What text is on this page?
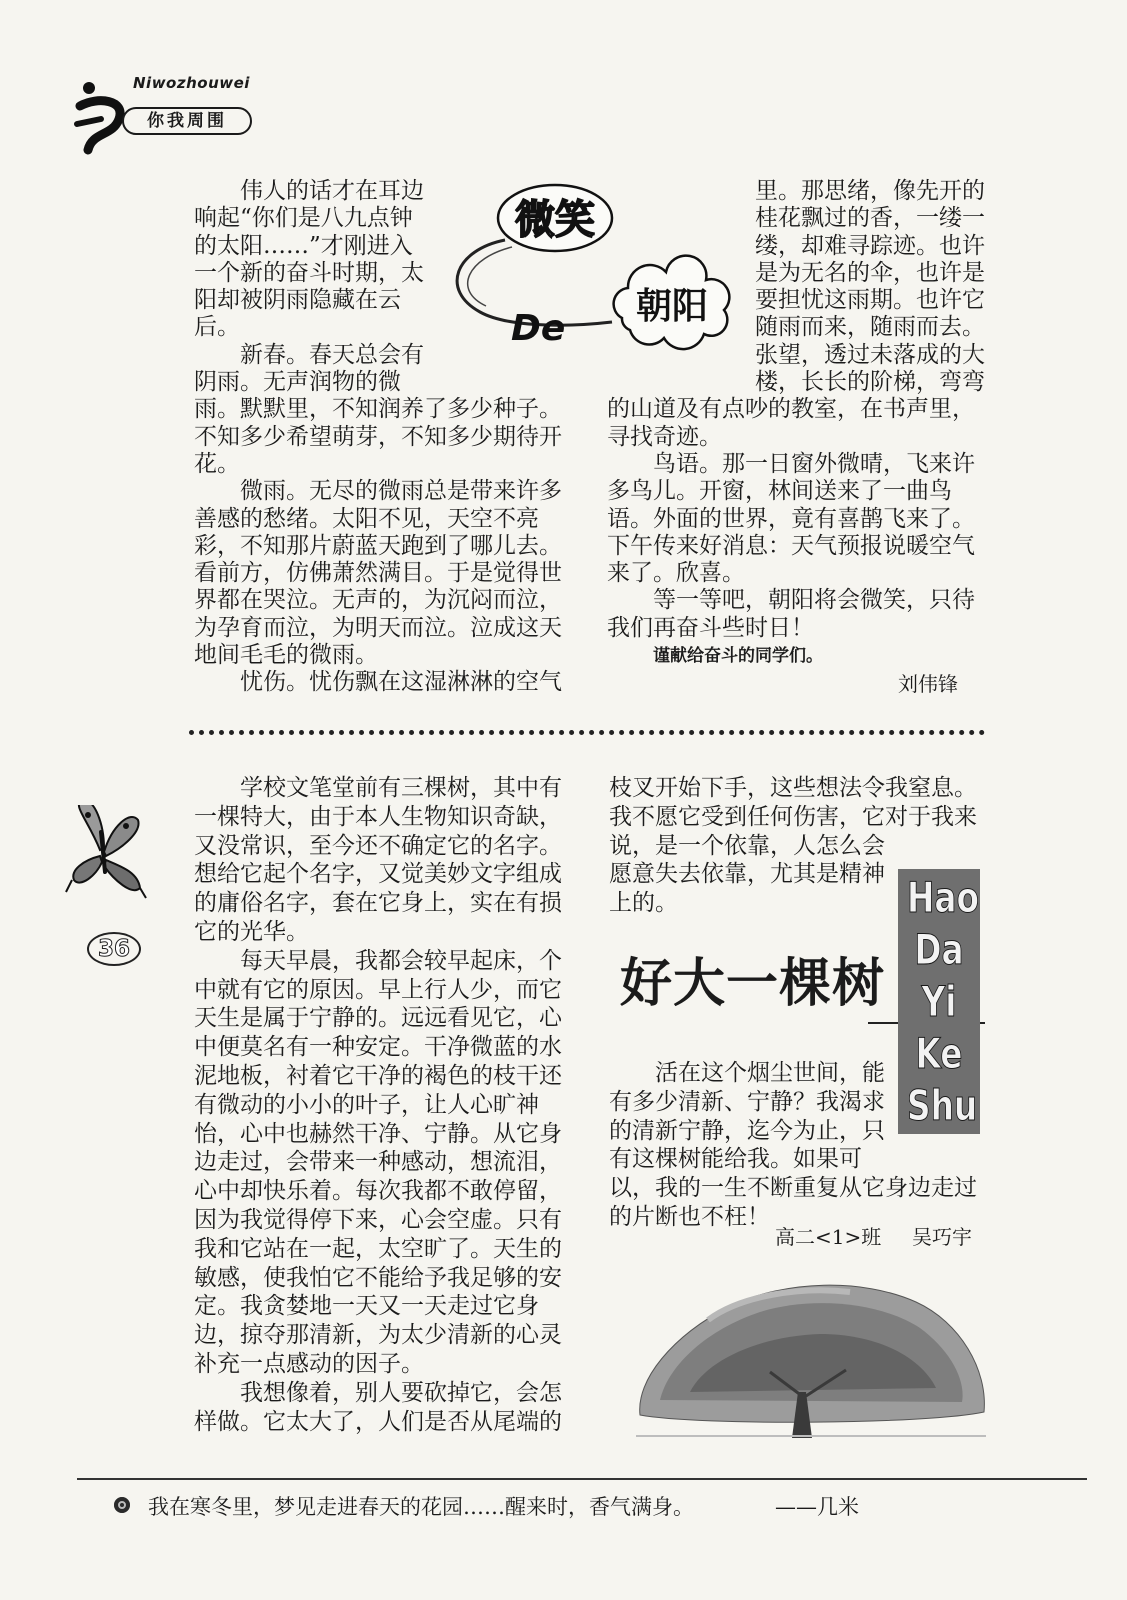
Niwozhouwei
你我周围
伟人的话才在耳边
响起“你们是八九点钟
的太阳……”才刚进入
一个新的奋斗时期，太
阳却被阴雨隐藏在云
后。
新春。春天总会有
阴雨。无声润物的微
雨。默默里，不知润养了多少种子。
不知多少希望萌芽，不知多少期待开
花。
微雨。无尽的微雨总是带来许多
善感的愁绪。太阳不见，天空不亮
彩，不知那片蔚蓝天跑到了哪儿去。
看前方，仿佛萧然满目。于是觉得世
界都在哭泣。无声的，为沉闷而泣，
为孕育而泣，为明天而泣。泣成这天
地间毛毛的微雨。
忧伤。忧伤飘在这湿淋淋的空气
微笑
De
朝阳
里。那思绪，像先开的
桂花飘过的香，一缕一
缕，却难寻踪迹。也许
是为无名的伞，也许是
要担忧这雨期。也许它
随雨而来，随雨而去。
张望，透过未落成的大
楼，长长的阶梯，弯弯
的山道及有点吵的教室，在书声里，
寻找奇迹。
鸟语。那一日窗外微晴，飞来许
多鸟儿。开窗，林间送来了一曲鸟
语。外面的世界，竟有喜鹊飞来了。
下午传来好消息：天气预报说暖空气
来了。欣喜。
等一等吧，朝阳将会微笑，只待
我们再奋斗些时日！
谨献给奋斗的同学们。
刘伟锋
36
学校文笔堂前有三棵树，其中有
一棵特大，由于本人生物知识奇缺，
又没常识，至今还不确定它的名字。
想给它起个名字，又觉美妙文字组成
的庸俗名字，套在它身上，实在有损
它的光华。
每天早晨，我都会较早起床，个
中就有它的原因。早上行人少，而它
天生是属于宁静的。远远看见它，心
中便莫名有一种安定。干净微蓝的水
泥地板，衬着它干净的褐色的枝干还
有微动的小小的叶子，让人心旷神
怡，心中也赫然干净、宁静。从它身
边走过，会带来一种感动，想流泪，
心中却快乐着。每次我都不敢停留，
因为我觉得停下来，心会空虚。只有
我和它站在一起，太空旷了。天生的
敏感，使我怕它不能给予我足够的安
定。我贪婪地一天又一天走过它身
边，掠夺那清新，为太少清新的心灵
补充一点感动的因子。
我想像着，别人要砍掉它，会怎
样做。它太大了，人们是否从尾端的
枝叉开始下手，这些想法令我窒息。
我不愿它受到任何伤害，它对于我来
说，是一个依靠，人怎么会
愿意失去依靠，尤其是精神
上的。
好大一棵树
Hao
Da
Yi
Ke
Shu
活在这个烟尘世间，能
有多少清新、宁静？我渴求
的清新宁静，迄今为止，只
有这棵树能给我。如果可
以，我的一生不断重复从它身边走过
的片断也不枉！
高二<1>班 吴巧宇
我在寒冬里，梦见走进春天的花园……醒来时，香气满身。	——几米
